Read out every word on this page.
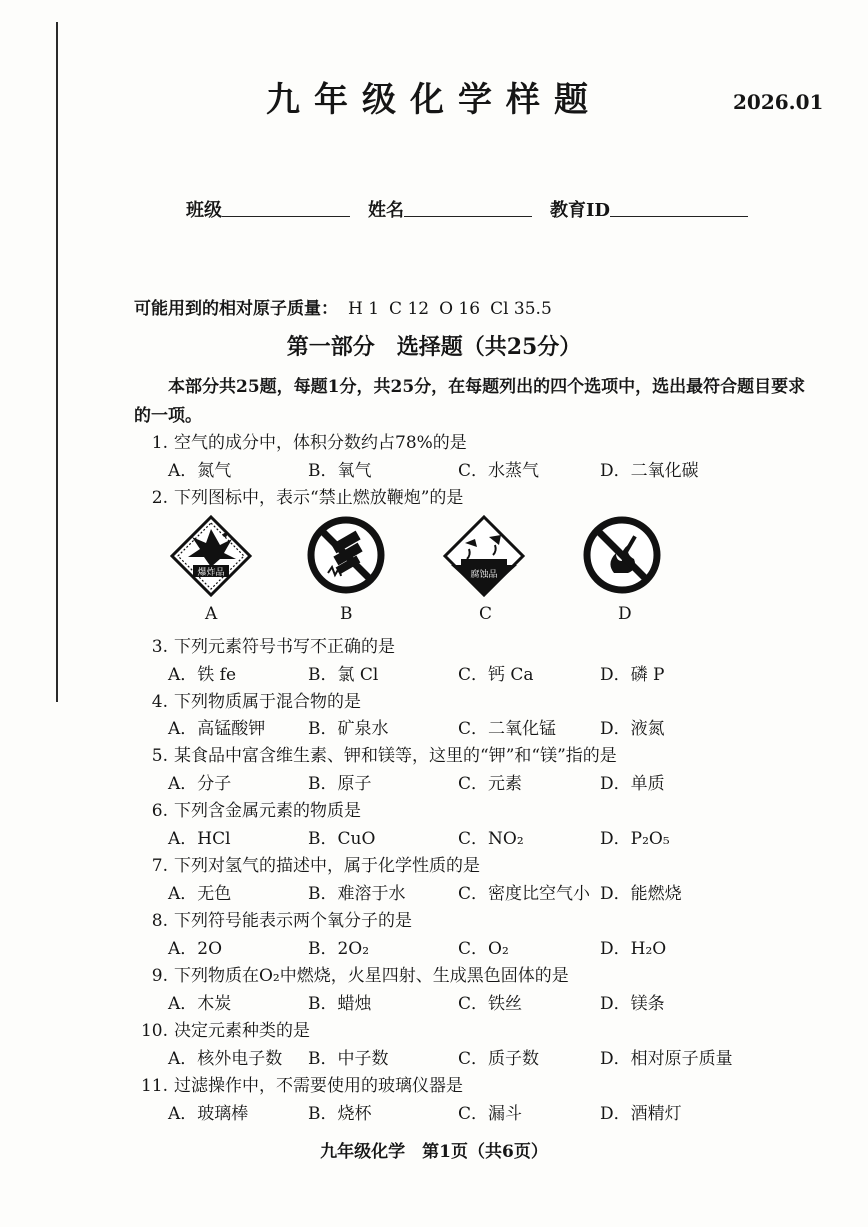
九年级化学样题	2026.01
班级	姓名	教育ID
可能用到的相对原子质量： H 1 C 12 O 16 Cl 35.5
第一部分　选择题（共25分）
本部分共25题，每题1分，共25分，在每题列出的四个选项中，选出最符合题目要求的一项。
1. 空气的成分中，体积分数约占78%的是
A．氮气	B．氧气	C．水蒸气	D．二氧化碳
2. 下列图标中，表示“禁止燃放鞭炮”的是
爆炸品
A	B
腐蚀品
C	D
3. 下列元素符号书写不正确的是
A．铁 fe	B．氯 Cl	C．钙 Ca	D．磷 P
4. 下列物质属于混合物的是
A．高锰酸钾	B．矿泉水	C．二氧化锰	D．液氮
5. 某食品中富含维生素、钾和镁等，这里的“钾”和“镁”指的是
A．分子	B．原子	C．元素	D．单质
6. 下列含金属元素的物质是
A．HCl	B．CuO	C．NO₂	D．P₂O₅
7. 下列对氢气的描述中，属于化学性质的是
A．无色	B．难溶于水	C．密度比空气小 D．能燃烧
8. 下列符号能表示两个氧分子的是
A．2O	B．2O₂	C．O₂	D．H₂O
9. 下列物质在O₂中燃烧，火星四射、生成黑色固体的是
A．木炭	B．蜡烛	C．铁丝	D．镁条
10. 决定元素种类的是
A．核外电子数 B．中子数	C．质子数	D．相对原子质量
11. 过滤操作中，不需要使用的玻璃仪器是
A．玻璃棒	B．烧杯	C．漏斗	D．酒精灯
九年级化学　第1页（共6页）
